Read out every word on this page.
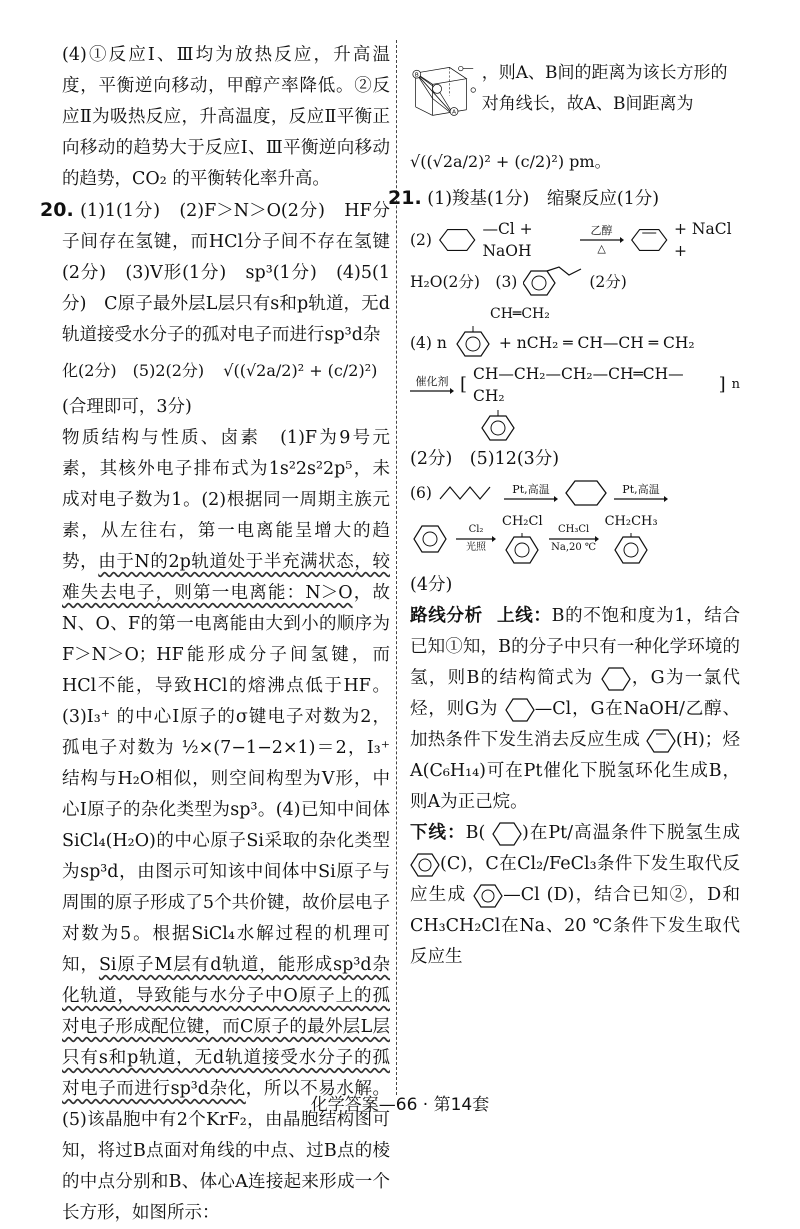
(4)①反应Ⅰ、Ⅲ均为放热反应，升高温度，平衡逆向移动，甲醇产率降低。②反应Ⅱ为吸热反应，升高温度，反应Ⅱ平衡正向移动的趋势大于反应Ⅰ、Ⅲ平衡逆向移动的趋势，CO₂ 的平衡转化率升高。

20. (1)1(1分)　(2)F＞N＞O(2分)　HF分子间存在氢键，而HCl分子间不存在氢键(2分)　(3)V形(1分)　sp³(1分)　(4)5(1分)　C原子最外层L层只有s和p轨道，无d轨道接受水分子的孤对电子而进行sp³d杂

化(2分)　(5)2(2分) √((√2a/2)² + (c/2)²)

(合理即可，3分)

物质结构与性质、卤素　(1)F为9号元素，其核外电子排布式为1s²2s²2p⁵，未成对电子数为1。(2)根据同一周期主族元素，从左往右，第一电离能呈增大的趋势，由于N的2p轨道处于半充满状态，较难失去电子，则第一电离能：N＞O，故N、O、F的第一电离能由大到小的顺序为F＞N＞O；HF能形成分子间氢键，而HCl不能，导致HCl的熔沸点低于HF。(3)I₃⁺ 的中心I原子的σ键电子对数为2，孤电子对数为 ½×(7−1−2×1)＝2，I₃⁺ 结构与H₂O相似，则空间构型为V形，中心I原子的杂化类型为sp³。(4)已知中间体SiCl₄(H₂O)的中心原子Si采取的杂化类型为sp³d，由图示可知该中间体中Si原子与周围的原子形成了5个共价键，故价层电子对数为5。根据SiCl₄水解过程的机理可知，Si原子M层有d轨道，能形成sp³d杂化轨道，导致能与水分子中O原子上的孤对电子形成配位键，而C原子的最外层L层只有s和p轨道，无d轨道接受水分子的孤对电子而进行sp³d杂化，所以不易水解。(5)该晶胞中有2个KrF₂，由晶胞结构图可知，将过B点面对角线的中点、过B点的棱的中点分别和B、体心A连接起来形成一个长方形，如图所示：

B
A
，则A、B间的距离为该长方形的对角线长，故A、B间距离为

√((√2a/2)² + (c/2)²) pm。

21. (1)羧基(1分)　缩聚反应(1分)

(2)
—Cl + NaOH
乙醇
△
+ NaCl +
H₂O(2分)　(3)	(2分)
CH═CH₂
(4) n	+ nCH₂ ═ CH—CH ═ CH₂
催化剂 [ CH—CH₂—CH₂—CH═CH—CH₂
] n

(2分)　(5)12(3分)

(6)	Pt,高温	Pt,高温
Cl₂
光照
CH₂Cl
CH₃Cl
Na,20 ℃
CH₂CH₃

(4分)

路线分析 上线：B的不饱和度为1，结合已知①知，B的分子中只有一种化学环境的氢，则B的结构简式为 ，G为一氯代烃，则G为 —Cl，G在NaOH/乙醇、加热条件下发生消去反应生成 (H)；烃A(C₆H₁₄)可在Pt催化下脱氢环化生成B，则A为正己烷。

下线：B( )在Pt/高温条件下脱氢生成 (C)，C在Cl₂/FeCl₃条件下发生取代反应生成 —Cl (D)，结合已知②，D和CH₃CH₂Cl在Na、20 ℃条件下发生取代反应生

化学答案—66 · 第14套
